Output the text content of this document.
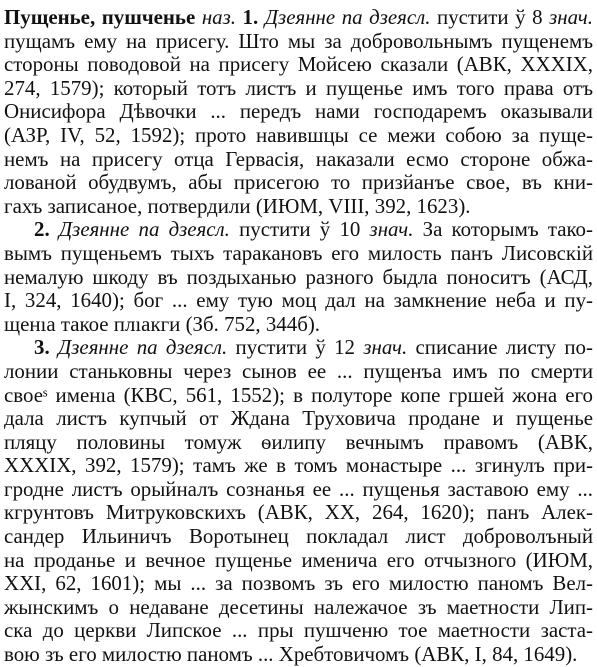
Пущенье, пушченье наз. 1. Дзеянне па дзеясл. пустити ў 8 знач.
пущамъ ему на присегу. Што мы за добровольнымъ пущенемъ
стороны поводовой на присегу Мойсею сказали (АВК, XXXIX,
274, 1579); который тотъ листъ и пущенье имъ того права отъ
Онисифора Дѣвочки ... передъ нами господаремъ оказывали
(АЗР, IV, 52, 1592); прото навившцы се межи собою за пуще-
немъ на присегу отца Гервасія, наказали есмо стороне обжа-
лованой обудвумъ, абы присегою то призйанъе свое, въ кни-
гахъ записаное, потвердили (ИЮМ, VIII, 392, 1623).
2. Дзеянне па дзеясл. пустити ў 10 знач. За которымъ тако-
вымъ пущеньемъ тыхъ таракановъ его милость панъ Лисовскій
немалую шкоду въ поздыханью разного быдла поноситъ (АСД,
I, 324, 1640); бог ... ему тую моц дал на замкнение неба и пу-
щенıа такое плıакги (Зб. 752, 344б).
3. Дзеянне па дзеясл. пустити ў 12 знач. списание листу по-
лонии станьковны через сынов ее ... пущенъа имъ по смерти
своеˢ именıа (КВС, 561, 1552); в полуторе копе гршей жона его
дала листъ купчый от Ждана Труховича продане и пущенье
пляцу половины томуж ѳилипу вечнымъ правомъ (АВК,
XXXIX, 392, 1579); тамъ же в томъ монастыре ... згинулъ при-
гродне листъ орыйналъ сознанья ее ... пущенья заставою ему ...
кгрунтовъ Митруковскихъ (АВК, XX, 264, 1620); панъ Алек-
сандер Ильиничъ Воротынец покладал лист доброволъный
на проданье и вечное пущенье именича его отчызного (ИЮМ,
XXI, 62, 1601); мы ... за позвомъ зъ его милостю паномъ Вел-
жынскимъ о недаване десетины належачое зъ маетности Лип-
ска до церкви Липское ... пры пушченю тое маетности заста-
вою зъ его милостю паномъ ... Хребтовичомъ (АВК, I, 84, 1649).
